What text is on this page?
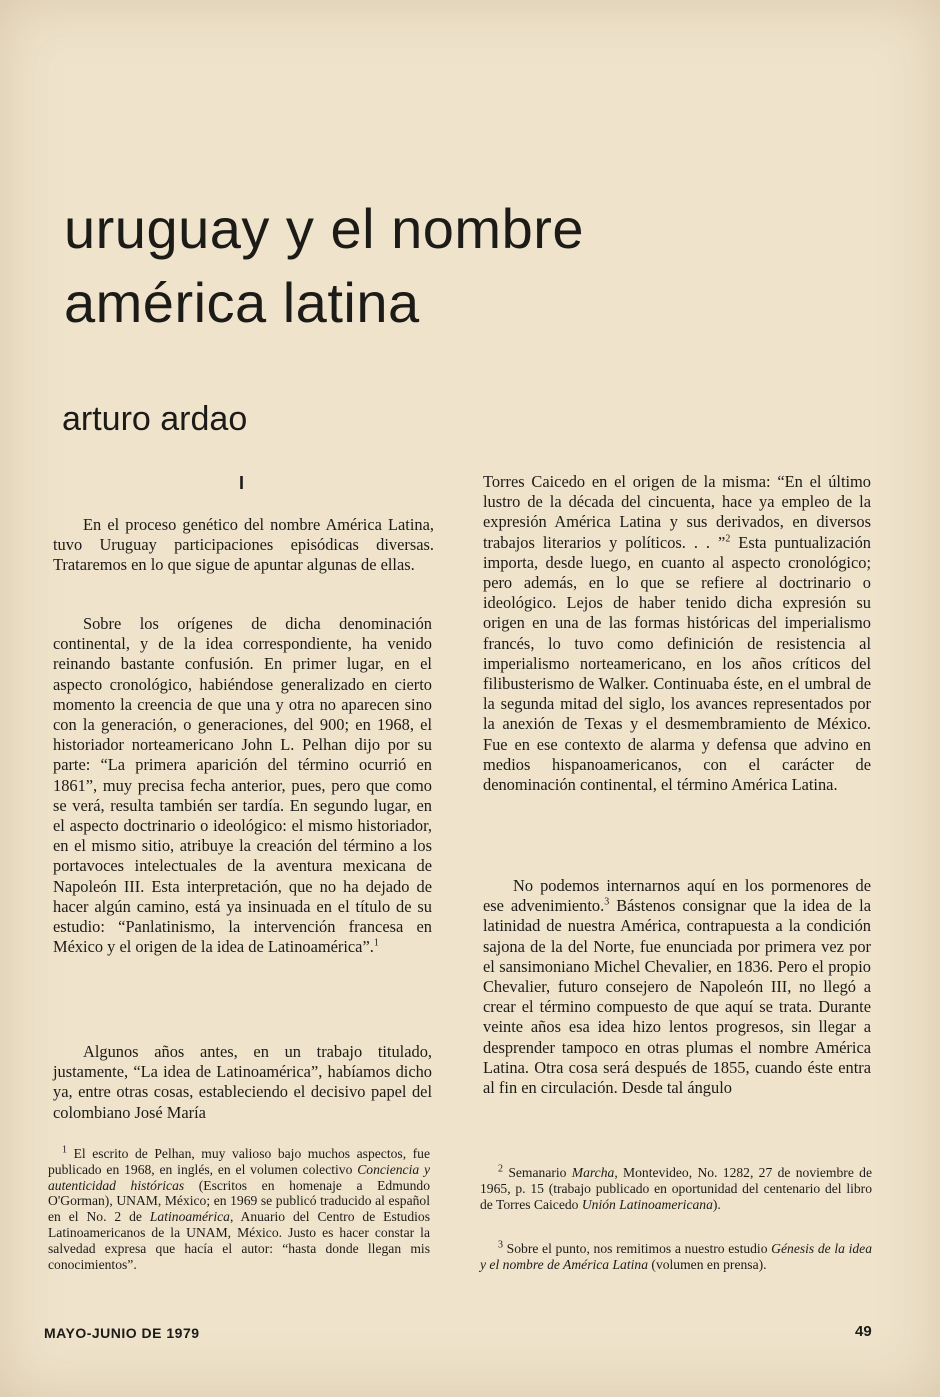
uruguay y el nombre
américa latina
arturo ardao
I

En el proceso genético del nombre América Latina, tuvo Uruguay participaciones episódicas diversas. Trataremos en lo que sigue de apuntar algunas de ellas.

Sobre los orígenes de dicha denominación continental, y de la idea correspondiente, ha venido reinando bastante confusión. En primer lugar, en el aspecto cronológico, habiéndose generalizado en cierto momento la creencia de que una y otra no aparecen sino con la generación, o generaciones, del 900; en 1968, el historiador norteamericano John L. Pelhan dijo por su parte: “La primera aparición del término ocurrió en 1861”, muy precisa fecha anterior, pues, pero que como se verá, resulta también ser tardía. En segundo lugar, en el aspecto doctrinario o ideológico: el mismo historiador, en el mismo sitio, atribuye la creación del término a los portavoces intelectuales de la aventura mexicana de Napoleón III. Esta interpretación, que no ha dejado de hacer algún camino, está ya insinuada en el título de su estudio: “Panlatinismo, la intervención francesa en México y el origen de la idea de Latinoamérica”.$^1$

Algunos años antes, en un trabajo titulado, justamente, “La idea de Latinoamérica”, habíamos dicho ya, entre otras cosas, estableciendo el decisivo papel del colombiano José María

$^1$ El escrito de Pelhan, muy valioso bajo muchos aspectos, fue publicado en 1968, en inglés, en el volumen colectivo Conciencia y autenticidad históricas (Escritos en homenaje a Edmundo O'Gorman), UNAM, México; en 1969 se publicó traducido al español en el No. 2 de Latinoamérica, Anuario del Centro de Estudios Latinoamericanos de la UNAM, México. Justo es hacer constar la salvedad expresa que hacía el autor: “hasta donde llegan mis conocimientos”.

Torres Caicedo en el origen de la misma: “En el último lustro de la década del cincuenta, hace ya empleo de la expresión América Latina y sus derivados, en diversos trabajos literarios y políticos. . . ”$^2$ Esta puntualización importa, desde luego, en cuanto al aspecto cronológico; pero además, en lo que se refiere al doctrinario o ideológico. Lejos de haber tenido dicha expresión su origen en una de las formas históricas del imperialismo francés, lo tuvo como definición de resistencia al imperialismo norteamericano, en los años críticos del filibusterismo de Walker. Continuaba éste, en el umbral de la segunda mitad del siglo, los avances representados por la anexión de Texas y el desmembramiento de México. Fue en ese contexto de alarma y defensa que advino en medios hispanoamericanos, con el carácter de denominación continental, el término América Latina.

No podemos internarnos aquí en los pormenores de ese advenimiento.$^3$ Bástenos consignar que la idea de la latinidad de nuestra América, contrapuesta a la condición sajona de la del Norte, fue enunciada por primera vez por el sansimoniano Michel Chevalier, en 1836. Pero el propio Chevalier, futuro consejero de Napoleón III, no llegó a crear el término compuesto de que aquí se trata. Durante veinte años esa idea hizo lentos progresos, sin llegar a desprender tampoco en otras plumas el nombre América Latina. Otra cosa será después de 1855, cuando éste entra al fin en circulación. Desde tal ángulo

$^2$ Semanario Marcha, Montevideo, No. 1282, 27 de noviembre de 1965, p. 15 (trabajo publicado en oportunidad del centenario del libro de Torres Caicedo Unión Latinoamericana).

$^3$ Sobre el punto, nos remitimos a nuestro estudio Génesis de la idea y el nombre de América Latina (volumen en prensa).

MAYO-JUNIO DE 1979	49
